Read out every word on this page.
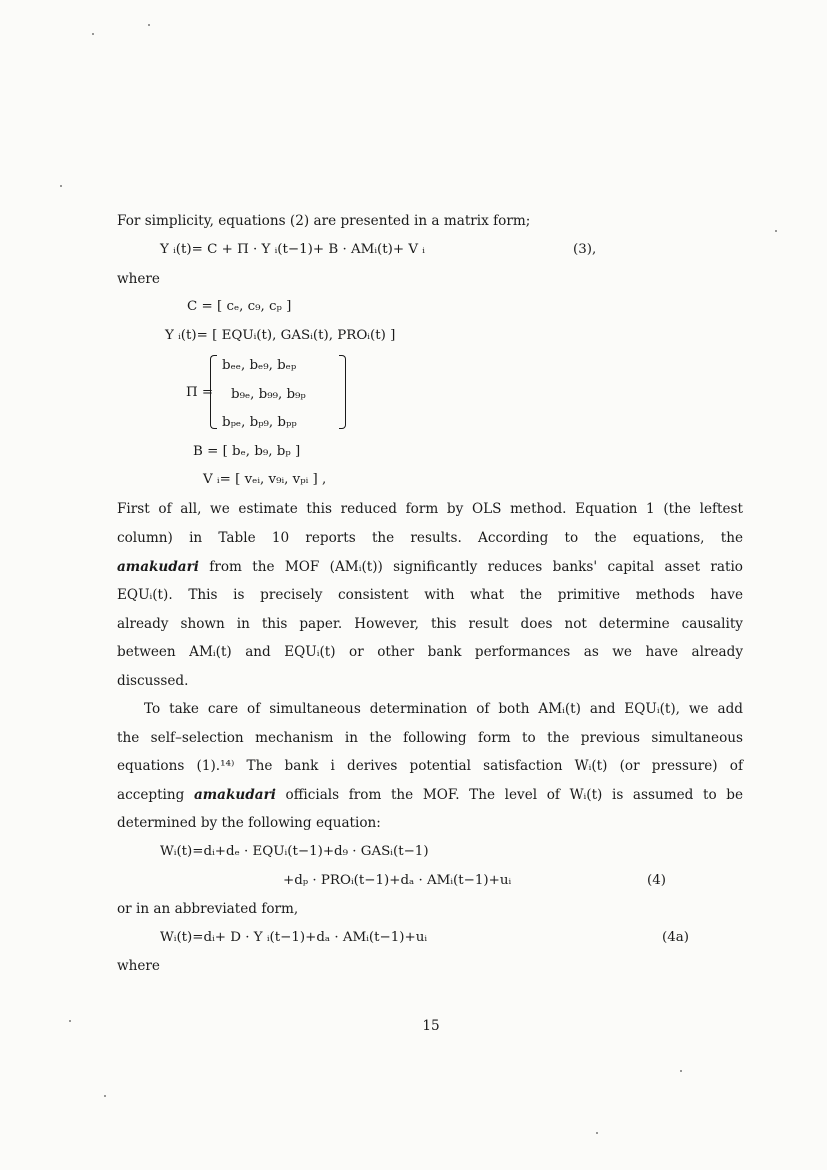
For simplicity, equations (2) are presented in a matrix form;
Y ᵢ(t)= C + Π · Y ᵢ(t−1)+ B · AMᵢ(t)+ V ᵢ	(3),
where
C = [ cₑ, c₉, cₚ ]
Y ᵢ(t)= [ EQUᵢ(t), GASᵢ(t), PROᵢ(t) ]
Π =
bₑₑ, bₑ₉, bₑₚ
b₉ₑ, b₉₉, b₉ₚ
bₚₑ, bₚ₉, bₚₚ
B = [ bₑ, b₉, bₚ ]
V ᵢ= [ vₑᵢ, v₉ᵢ, vₚᵢ ] ,
First of all, we estimate this reduced form by OLS method. Equation 1 (the leftest
column) in Table 10 reports the results. According to the equations, the
amakudari from the MOF (AMᵢ(t)) significantly reduces banks' capital asset ratio
EQUᵢ(t). This is precisely consistent with what the primitive methods have
already shown in this paper. However, this result does not determine causality
between AMᵢ(t) and EQUᵢ(t) or other bank performances as we have already
discussed.
To take care of simultaneous determination of both AMᵢ(t) and EQUᵢ(t), we add
the self–selection mechanism in the following form to the previous simultaneous
equations (1).¹⁴⁾ The bank i derives potential satisfaction Wᵢ(t) (or pressure) of
accepting amakudari officials from the MOF. The level of Wᵢ(t) is assumed to be
determined by the following equation:
Wᵢ(t)=dᵢ+dₑ · EQUᵢ(t−1)+d₉ · GASᵢ(t−1)
+dₚ · PROᵢ(t−1)+dₐ · AMᵢ(t−1)+uᵢ	(4)
or in an abbreviated form,
Wᵢ(t)=dᵢ+ D · Y ᵢ(t−1)+dₐ · AMᵢ(t−1)+uᵢ	(4a)
where
15
